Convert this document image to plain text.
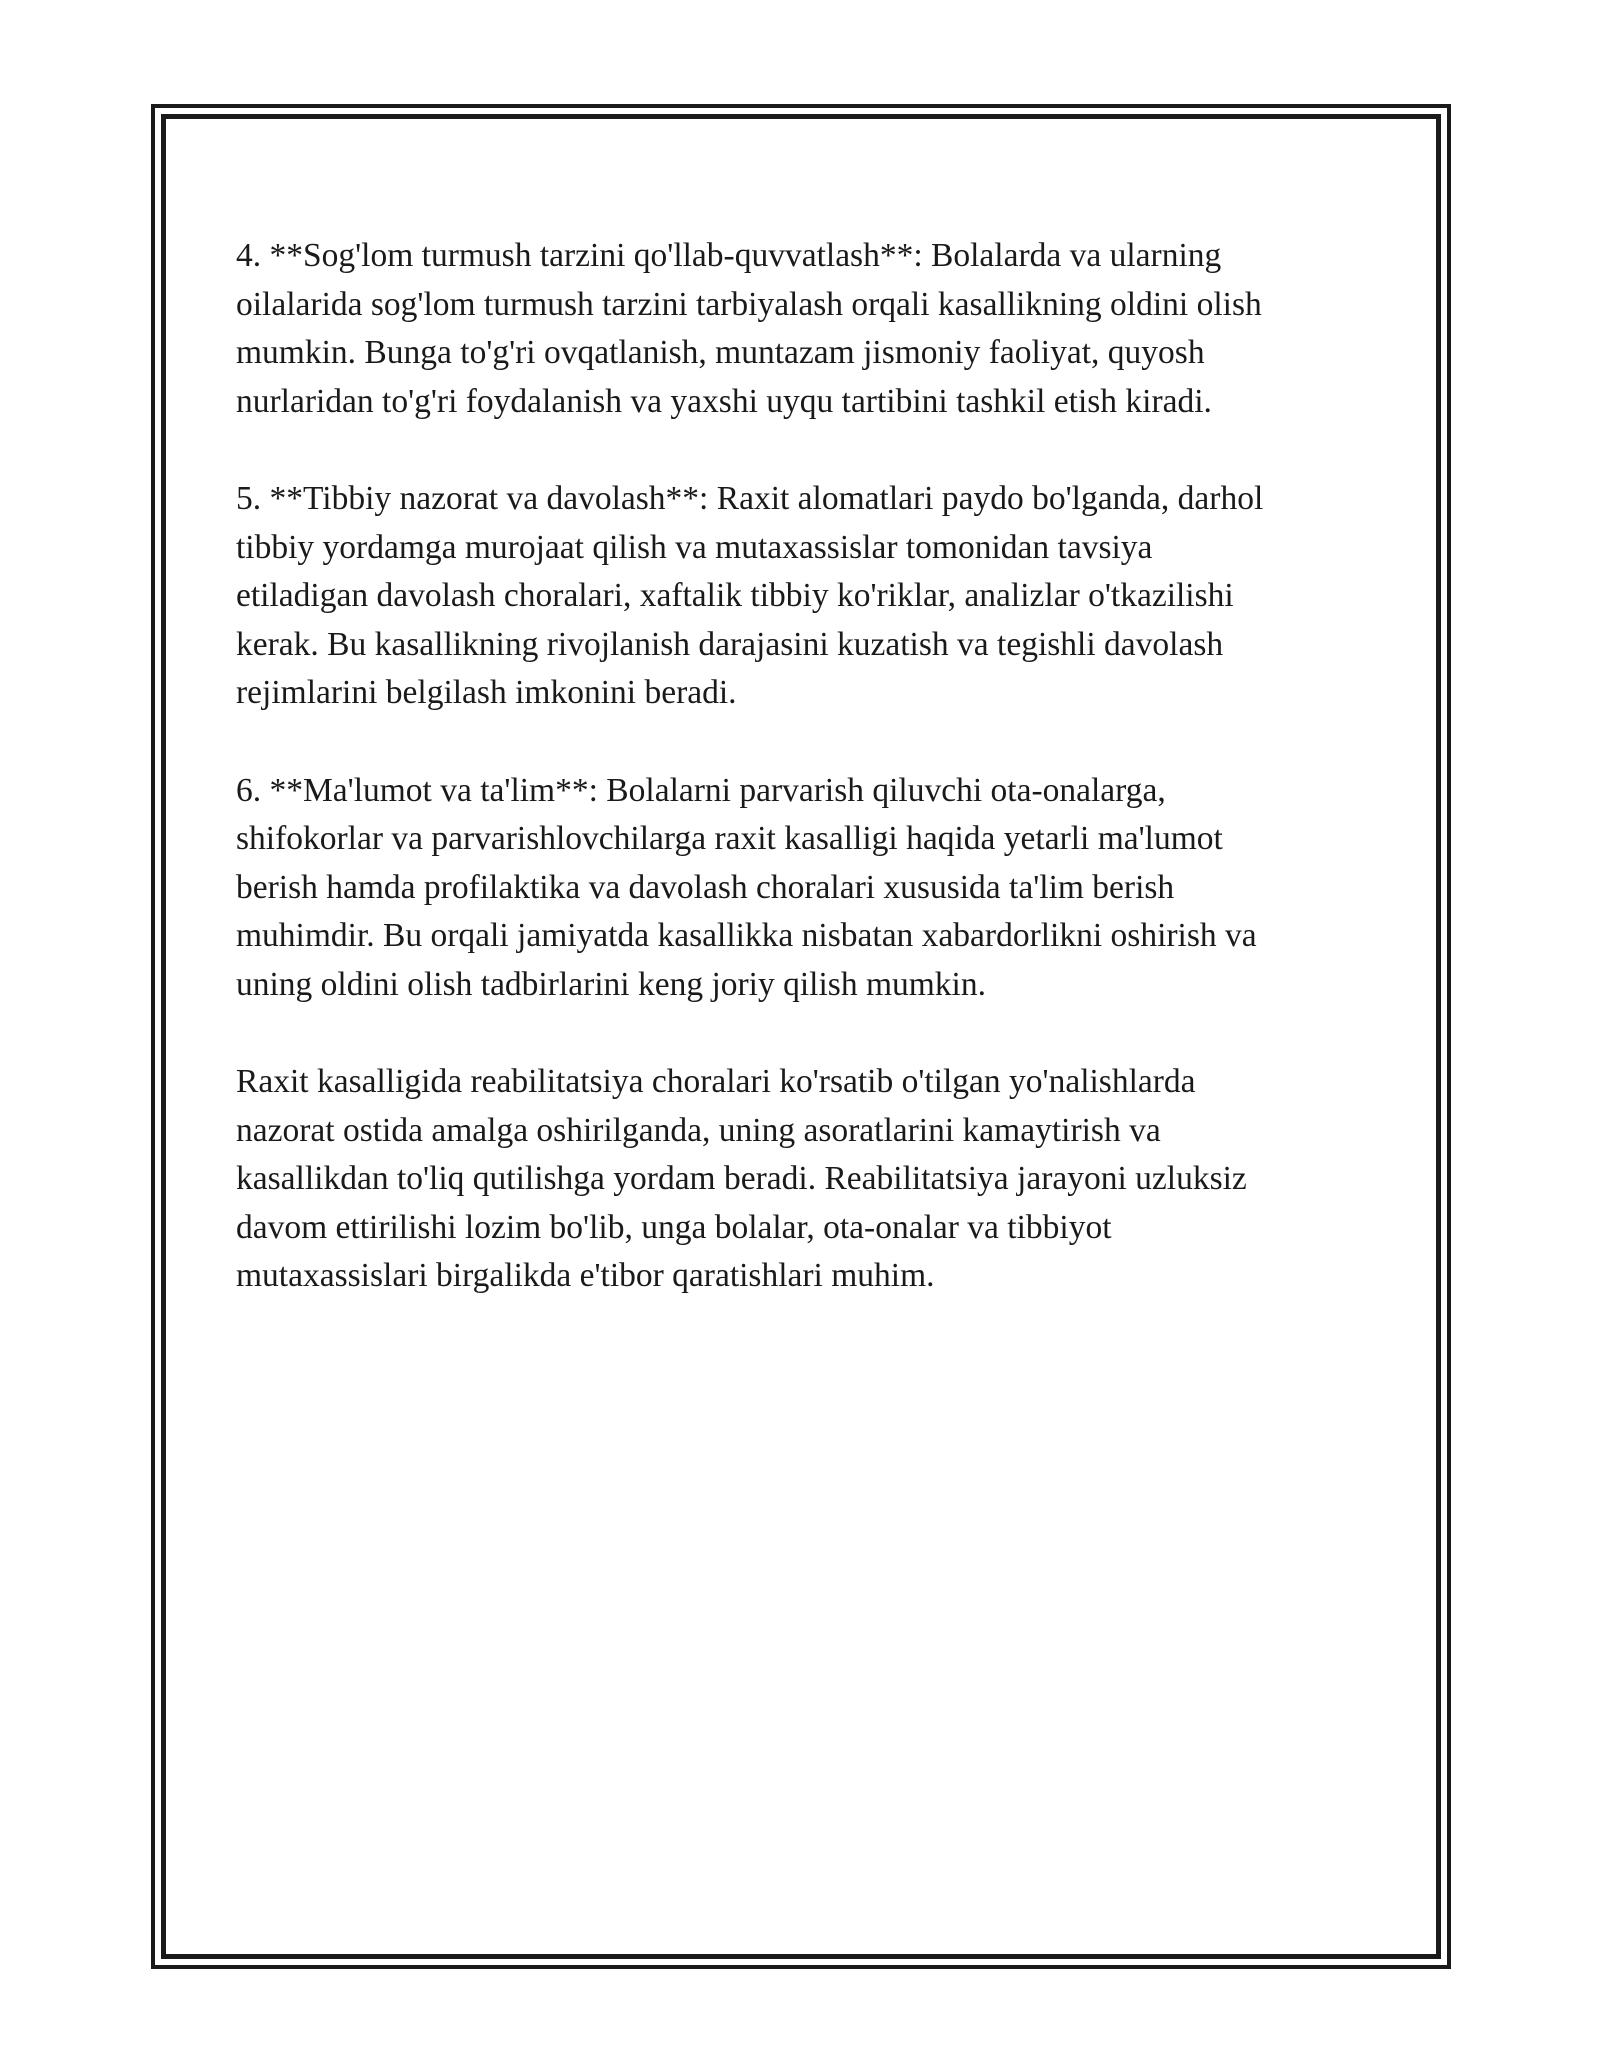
4. **Sog'lom turmush tarzini qo'llab-quvvatlash**: Bolalarda va ularning
oilalarida sog'lom turmush tarzini tarbiyalash orqali kasallikning oldini olish
mumkin. Bunga to'g'ri ovqatlanish, muntazam jismoniy faoliyat, quyosh
nurlaridan to'g'ri foydalanish va yaxshi uyqu tartibini tashkil etish kiradi.

5. **Tibbiy nazorat va davolash**: Raxit alomatlari paydo bo'lganda, darhol
tibbiy yordamga murojaat qilish va mutaxassislar tomonidan tavsiya
etiladigan davolash choralari, xaftalik tibbiy ko'riklar, analizlar o'tkazilishi
kerak. Bu kasallikning rivojlanish darajasini kuzatish va tegishli davolash
rejimlarini belgilash imkonini beradi.

6. **Ma'lumot va ta'lim**: Bolalarni parvarish qiluvchi ota-onalarga,
shifokorlar va parvarishlovchilarga raxit kasalligi haqida yetarli ma'lumot
berish hamda profilaktika va davolash choralari xususida ta'lim berish
muhimdir. Bu orqali jamiyatda kasallikka nisbatan xabardorlikni oshirish va
uning oldini olish tadbirlarini keng joriy qilish mumkin.

Raxit kasalligida reabilitatsiya choralari ko'rsatib o'tilgan yo'nalishlarda
nazorat ostida amalga oshirilganda, uning asoratlarini kamaytirish va
kasallikdan to'liq qutilishga yordam beradi. Reabilitatsiya jarayoni uzluksiz
davom ettirilishi lozim bo'lib, unga bolalar, ota-onalar va tibbiyot
mutaxassislari birgalikda e'tibor qaratishlari muhim.
